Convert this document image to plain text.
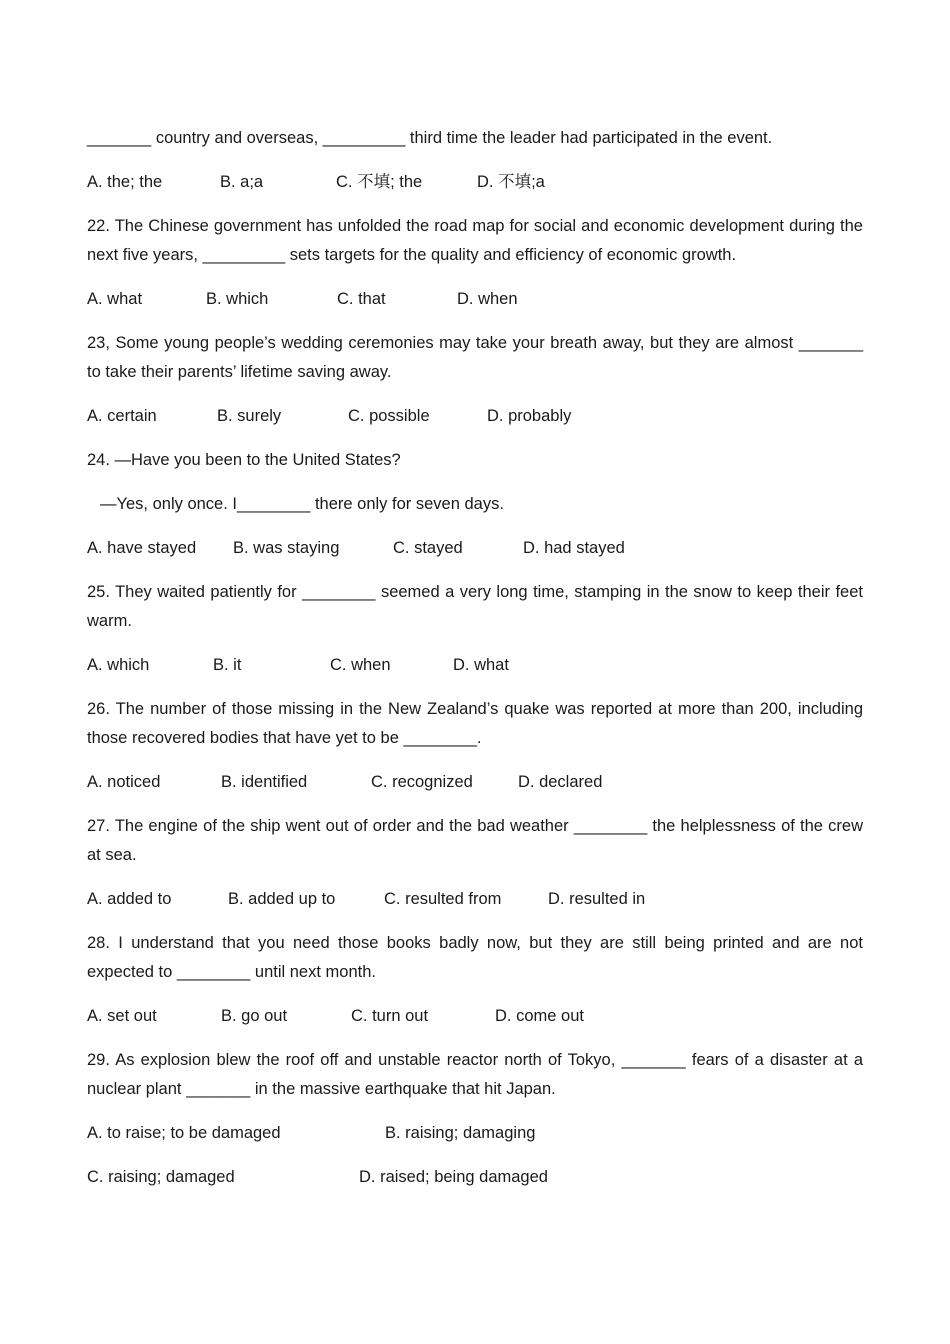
_______ country and overseas, _________ third time the leader had participated in the event.

A. the; the	B. a;a	C. 不填; the	D. 不填;a

22. The Chinese government has unfolded the road map for social and economic development during the next five years, _________ sets targets for the quality and efficiency of economic growth.

A. what	B. which	C. that	D. when

23, Some young people’s wedding ceremonies may take your breath away, but they are almost _______ to take their parents’ lifetime saving away.

A. certain	B. surely	C. possible	D. probably

24. —Have you been to the United States?

—Yes, only once. I________ there only for seven days.

A. have stayed B. was staying	C. stayed	D. had stayed

25. They waited patiently for ________ seemed a very long time, stamping in the snow to keep their feet warm.

A. which	B. it	C. when	D. what

26. The number of those missing in the New Zealand’s quake was reported at more than 200, including those recovered bodies that have yet to be ________.

A. noticed	B. identified	C. recognized	D. declared

27. The engine of the ship went out of order and the bad weather ________ the helplessness of the crew at sea.

A. added to	B. added up to	C. resulted from	D. resulted in

28. I understand that you need those books badly now, but they are still being printed and are not expected to ________ until next month.

A. set out	B. go out	C. turn out	D. come out

29. As explosion blew the roof off and unstable reactor north of Tokyo, _______ fears of a disaster at a nuclear plant _______ in the massive earthquake that hit Japan.

A. to raise; to be damaged	B. raising; damaging
C. raising; damaged	D. raised; being damaged
